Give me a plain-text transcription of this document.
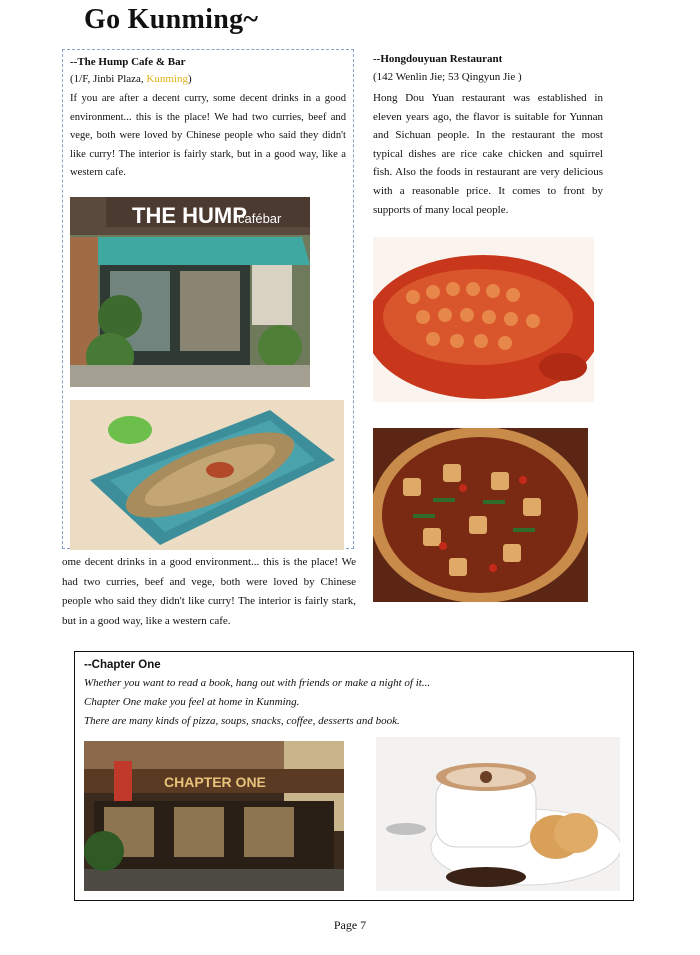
Go Kunming~
--The Hump Cafe & Bar
(1/F, Jinbi Plaza, Kunming)
If you are after a decent curry, some decent drinks in a good environment... this is the place! We had two curries, beef and vege, both were loved by Chinese people who said they didn't like curry! The interior is fairly stark, but in a good way, like a western cafe.
THE HUMP
cafébar
ome decent drinks in a good environment... this is the place! We had two curries, beef and vege, both were loved by Chinese people who said they didn't like curry! The interior is fairly stark, but in a good way, like a western cafe.
--Hongdouyuan Restaurant
(142 Wenlin Jie; 53 Qingyun Jie )
Hong Dou Yuan restaurant was established in eleven years ago, the flavor is suitable for Yunnan and Sichuan people. In the restaurant the most typical dishes are rice cake chicken and squirrel fish. Also the foods in restaurant are very delicious with a reasonable price. It comes to front by supports of many local people.
--Chapter One
Whether you want to read a book, hang out with friends or make a night of it...
Chapter One make you feel at home in Kunming.
There are many kinds of pizza, soups, snacks, coffee, desserts and book.
CHAPTER ONE
Page 7
